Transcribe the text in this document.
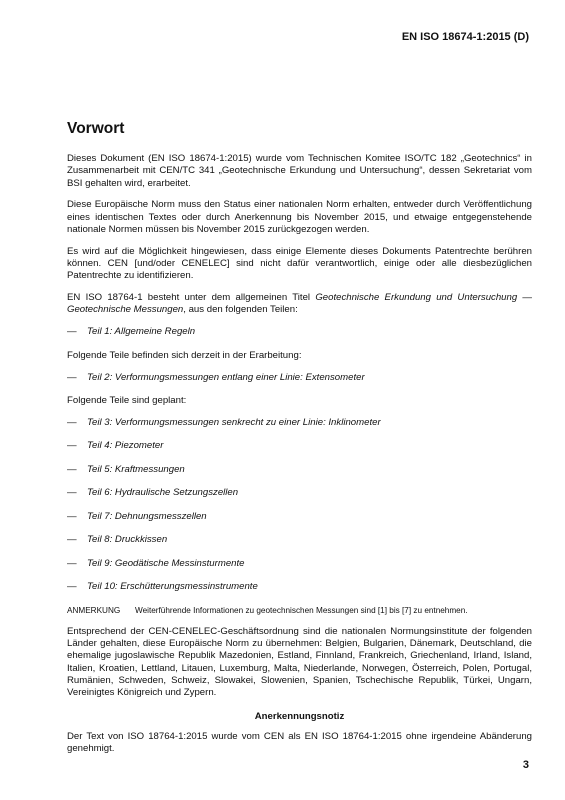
EN ISO 18674-1:2015 (D)
Vorwort

Dieses Dokument (EN ISO 18674-1:2015) wurde vom Technischen Komitee ISO/TC 182 „Geotechnics“ in Zusammenarbeit mit CEN/TC 341 „Geotechnische Erkundung und Untersuchung“, dessen Sekretariat vom BSI gehalten wird, erarbeitet.

Diese Europäische Norm muss den Status einer nationalen Norm erhalten, entweder durch Veröffentlichung eines identischen Textes oder durch Anerkennung bis November 2015, und etwaige entgegenstehende nationale Normen müssen bis November 2015 zurückgezogen werden.

Es wird auf die Möglichkeit hingewiesen, dass einige Elemente dieses Dokuments Patentrechte berühren können. CEN [und/oder CENELEC] sind nicht dafür verantwortlich, einige oder alle diesbezüglichen Patentrechte zu identifizieren.

EN ISO 18764-1 besteht unter dem allgemeinen Titel Geotechnische Erkundung und Untersuchung — Geotechnische Messungen, aus den folgenden Teilen:

—	Teil 1: Allgemeine Regeln

Folgende Teile befinden sich derzeit in der Erarbeitung:

—	Teil 2: Verformungsmessungen entlang einer Linie: Extensometer

Folgende Teile sind geplant:

—	Teil 3: Verformungsmessungen senkrecht zu einer Linie: Inklinometer
—	Teil 4: Piezometer
—	Teil 5: Kraftmessungen
—	Teil 6: Hydraulische Setzungszellen
—	Teil 7: Dehnungsmesszellen
—	Teil 8: Druckkissen
—	Teil 9: Geodätische Messinsturmente
—	Teil 10: Erschütterungsmessinstrumente
ANMERKUNG	Weiterführende Informationen zu geotechnischen Messungen sind [1] bis [7] zu entnehmen.

Entsprechend der CEN-CENELEC-Geschäftsordnung sind die nationalen Normungsinstitute der folgenden Länder gehalten, diese Europäische Norm zu übernehmen: Belgien, Bulgarien, Dänemark, Deutschland, die ehemalige jugoslawische Republik Mazedonien, Estland, Finnland, Frankreich, Griechenland, Irland, Island, Italien, Kroatien, Lettland, Litauen, Luxemburg, Malta, Niederlande, Norwegen, Österreich, Polen, Portugal, Rumänien, Schweden, Schweiz, Slowakei, Slowenien, Spanien, Tschechische Republik, Türkei, Ungarn, Vereinigtes Königreich und Zypern.

Anerkennungsnotiz

Der Text von ISO 18764-1:2015 wurde vom CEN als EN ISO 18764-1:2015 ohne irgendeine Abänderung genehmigt.

3
